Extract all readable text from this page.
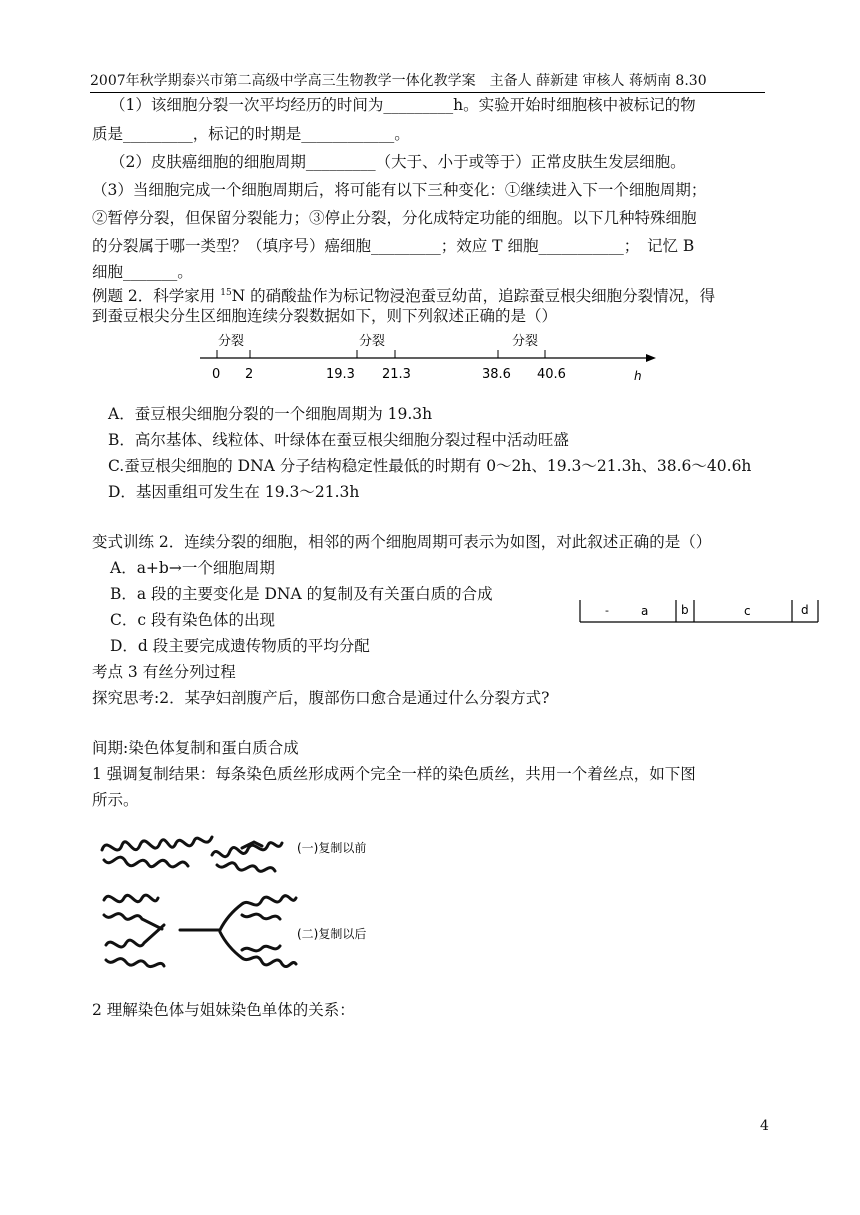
2007年秋学期泰兴市第二高级中学高三生物教学一体化教学案　主备人 薛新建 审核人 蒋炳南 8.30
（1）该细胞分裂一次平均经历的时间为_________h。实验开始时细胞核中被标记的物
质是_________，标记的时期是____________。
（2）皮肤癌细胞的细胞周期_________（大于、小于或等于）正常皮肤生发层细胞。
（3）当细胞完成一个细胞周期后，将可能有以下三种变化：①继续进入下一个细胞周期；
②暂停分裂，但保留分裂能力；③停止分裂，分化成特定功能的细胞。以下几种特殊细胞
的分裂属于哪一类型？（填序号）癌细胞_________；效应 T 细胞___________；　记忆 B
细胞_______。
例题 2．科学家用 $^{15}$N 的硝酸盐作为标记物浸泡蚕豆幼苗，追踪蚕豆根尖细胞分裂情况，得
到蚕豆根尖分生区细胞连续分裂数据如下，则下列叙述正确的是（）
分裂	分裂	分裂
0 2	19.3 21.3	38.6 40.6	h
A．蚕豆根尖细胞分裂的一个细胞周期为 19.3h
B．高尔基体、线粒体、叶绿体在蚕豆根尖细胞分裂过程中活动旺盛
C.蚕豆根尖细胞的 DNA 分子结构稳定性最低的时期有 0～2h、19.3～21.3h、38.6～40.6h
D．基因重组可发生在 19.3～21.3h
变式训练 2．连续分裂的细胞，相邻的两个细胞周期可表示为如图，对此叙述正确的是（）
A．a+b→一个细胞周期
B．a 段的主要变化是 DNA 的复制及有关蛋白质的合成
C．c 段有染色体的出现
D．d 段主要完成遗传物质的平均分配
-	a	b	c	d
考点 3 有丝分列过程
探究思考:2．某孕妇剖腹产后，腹部伤口愈合是通过什么分裂方式?
间期:染色体复制和蛋白质合成
1 强调复制结果：每条染色质丝形成两个完全一样的染色质丝，共用一个着丝点，如下图
所示。
(一)复制以前
(二)复制以后
2 理解染色体与姐妹染色单体的关系：
4
